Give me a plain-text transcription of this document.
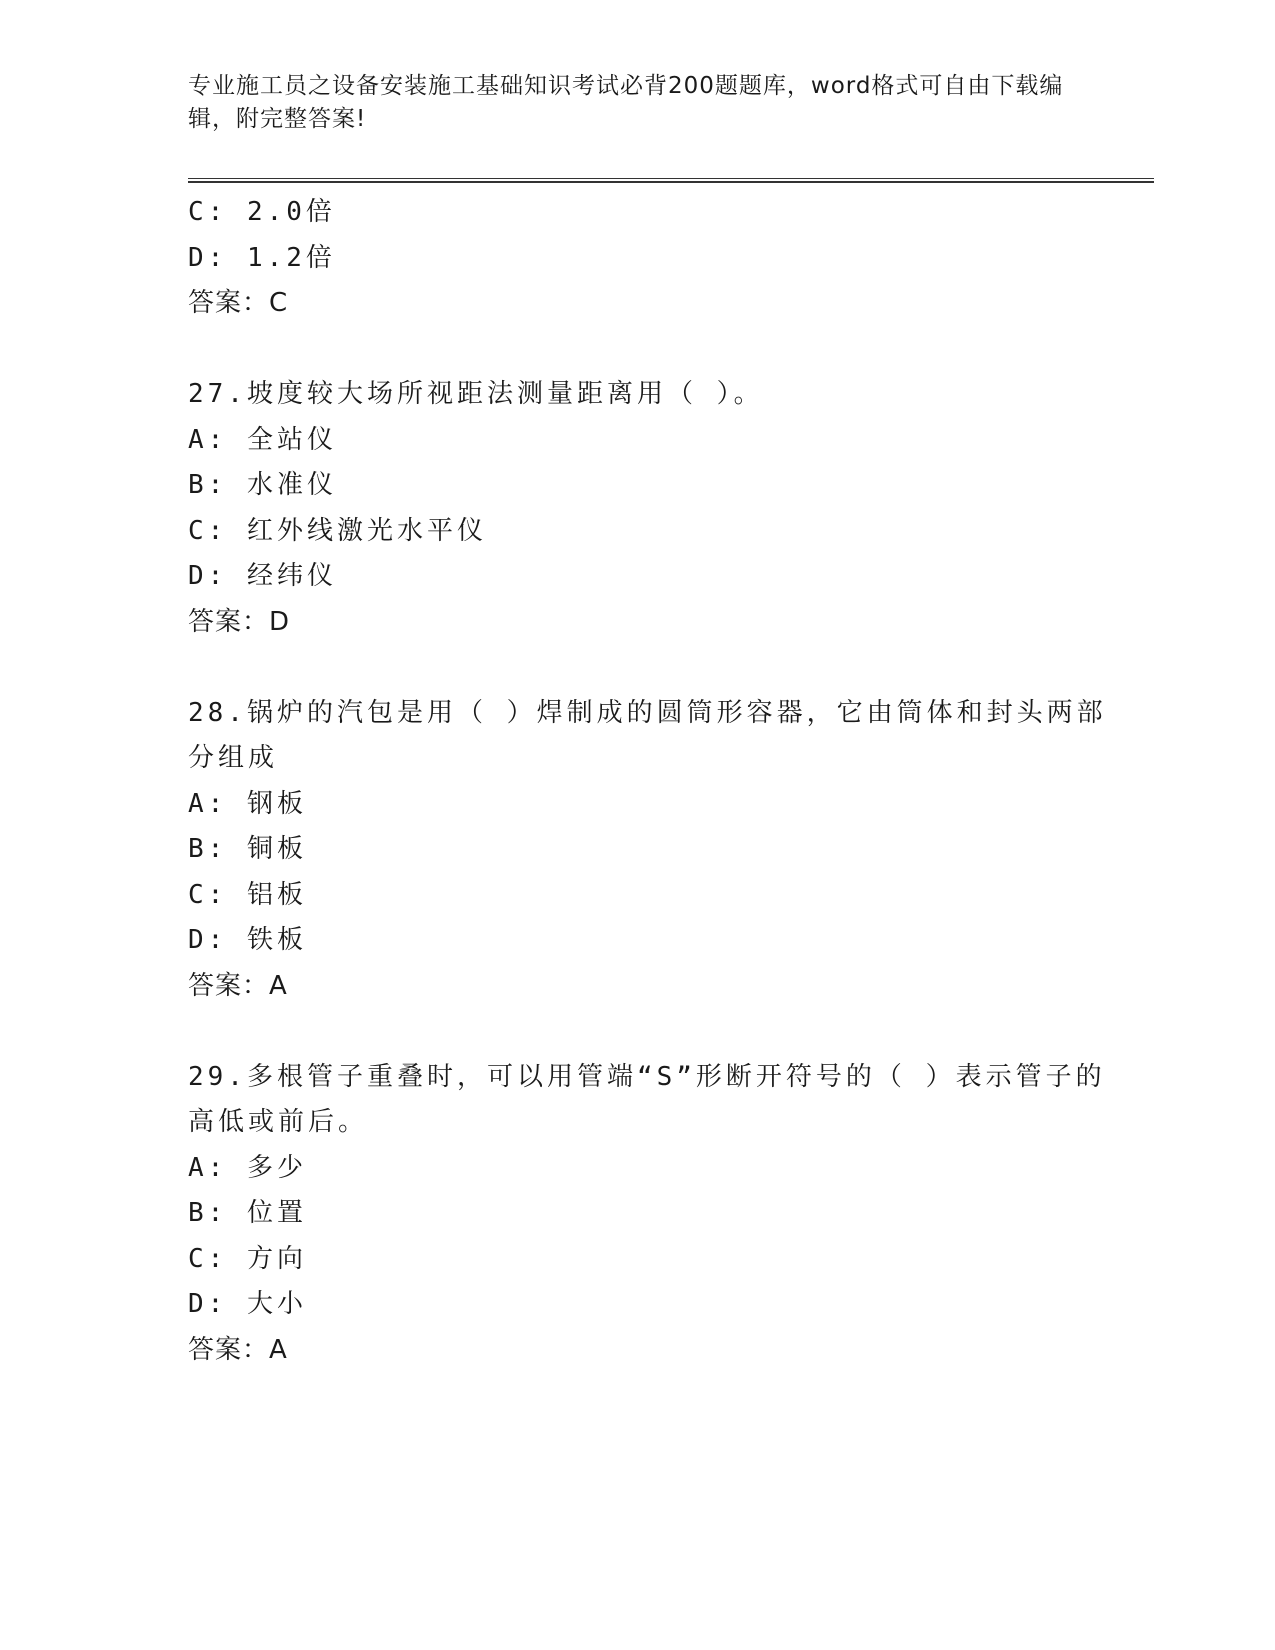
专业施工员之设备安装施工基础知识考试必背200题题库，word格式可自由下载编辑，附完整答案!
C: 2.0倍
D: 1.2倍
答案：C
27.坡度较大场所视距法测量距离用（ ）。
A: 全站仪
B: 水准仪
C: 红外线激光水平仪
D: 经纬仪
答案：D
28.锅炉的汽包是用（ ）焊制成的圆筒形容器，它由筒体和封头两部分组成
A: 钢板
B: 铜板
C: 铝板
D: 铁板
答案：A
29.多根管子重叠时，可以用管端“S”形断开符号的（ ）表示管子的高低或前后。
A: 多少
B: 位置
C: 方向
D: 大小
答案：A
